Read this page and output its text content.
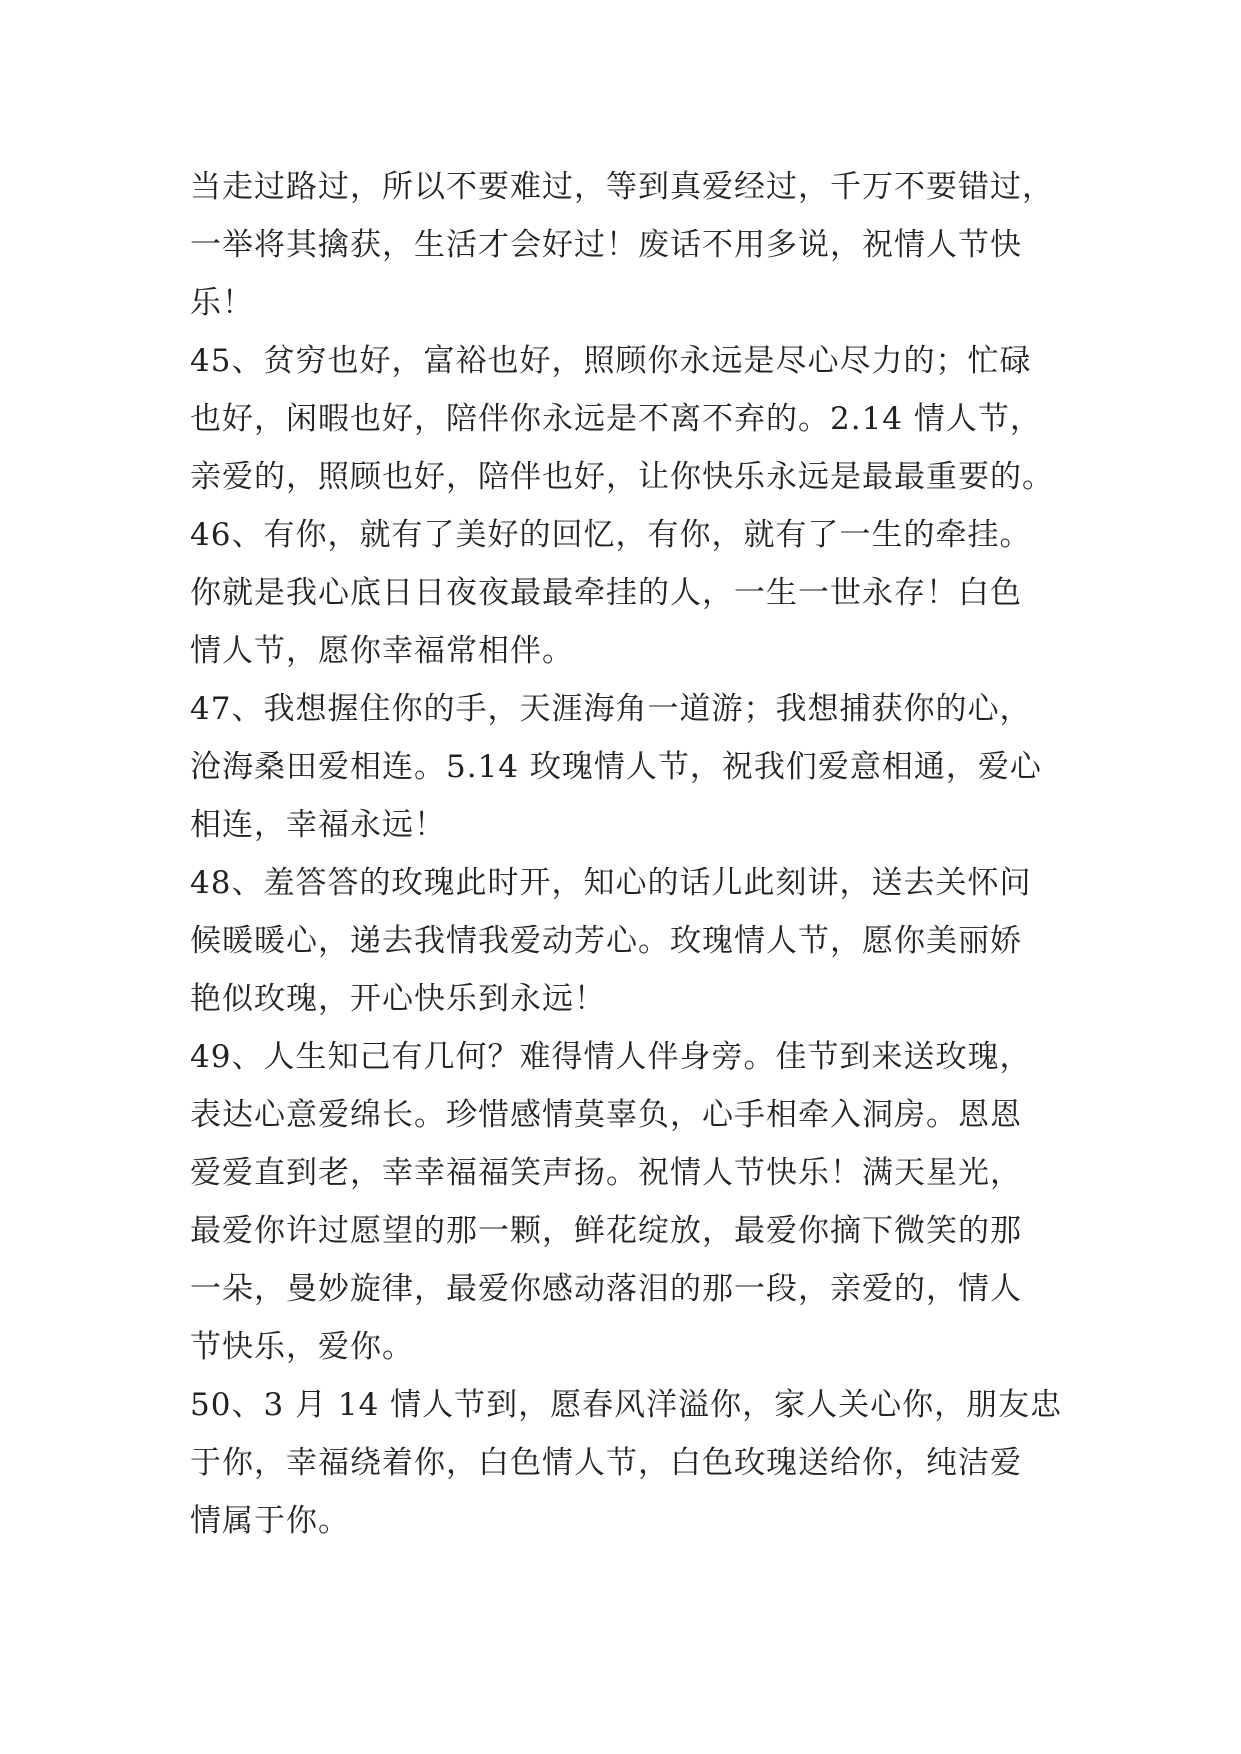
当走过路过，所以不要难过，等到真爱经过，千万不要错过，
一举将其擒获，生活才会好过！废话不用多说，祝情人节快
乐！

45、贫穷也好，富裕也好，照顾你永远是尽心尽力的；忙碌
也好，闲暇也好，陪伴你永远是不离不弃的。2.14 情人节，
亲爱的，照顾也好，陪伴也好，让你快乐永远是最最重要的。

46、有你，就有了美好的回忆，有你，就有了一生的牵挂。
你就是我心底日日夜夜最最牵挂的人，一生一世永存！白色
情人节，愿你幸福常相伴。

47、我想握住你的手，天涯海角一道游；我想捕获你的心，
沧海桑田爱相连。5.14 玫瑰情人节，祝我们爱意相通，爱心
相连，幸福永远！

48、羞答答的玫瑰此时开，知心的话儿此刻讲，送去关怀问
候暖暖心，递去我情我爱动芳心。玫瑰情人节，愿你美丽娇
艳似玫瑰，开心快乐到永远！

49、人生知己有几何？难得情人伴身旁。佳节到来送玫瑰，
表达心意爱绵长。珍惜感情莫辜负，心手相牵入洞房。恩恩
爱爱直到老，幸幸福福笑声扬。祝情人节快乐！满天星光，
最爱你许过愿望的那一颗，鲜花绽放，最爱你摘下微笑的那
一朵，曼妙旋律，最爱你感动落泪的那一段，亲爱的，情人
节快乐，爱你。

50、3 月 14 情人节到，愿春风洋溢你，家人关心你，朋友忠
于你，幸福绕着你，白色情人节，白色玫瑰送给你，纯洁爱
情属于你。
